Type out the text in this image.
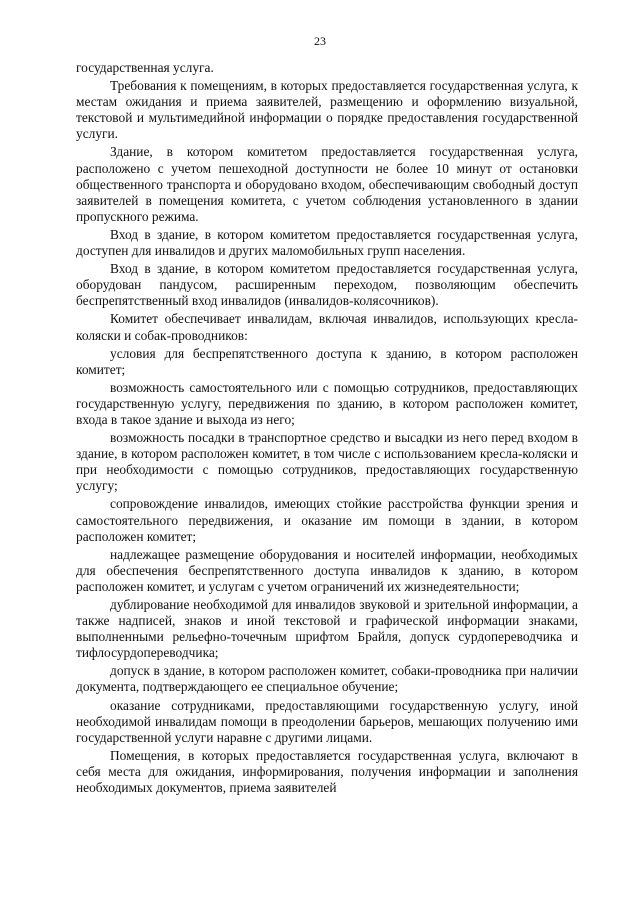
23

государственная услуга.

Требования к помещениям, в которых предоставляется государственная услуга, к местам ожидания и приема заявителей, размещению и оформлению визуальной, текстовой и мультимедийной информации о порядке предоставления государственной услуги.

Здание, в котором комитетом предоставляется государственная услуга, расположено с учетом пешеходной доступности не более 10 минут от остановки общественного транспорта и оборудовано входом, обеспечивающим свободный доступ заявителей в помещения комитета, с учетом соблюдения установленного в здании пропускного режима.

Вход в здание, в котором комитетом предоставляется государственная услуга, доступен для инвалидов и других маломобильных групп населения.

Вход в здание, в котором комитетом предоставляется государственная услуга, оборудован пандусом, расширенным переходом, позволяющим обеспечить беспрепятственный вход инвалидов (инвалидов-колясочников).

Комитет обеспечивает инвалидам, включая инвалидов, использующих кресла-коляски и собак-проводников:

условия для беспрепятственного доступа к зданию, в котором расположен комитет;

возможность самостоятельного или с помощью сотрудников, предоставляющих государственную услугу, передвижения по зданию, в котором расположен комитет, входа в такое здание и выхода из него;

возможность посадки в транспортное средство и высадки из него перед входом в здание, в котором расположен комитет, в том числе с использованием кресла-коляски и при необходимости с помощью сотрудников, предоставляющих государственную услугу;

сопровождение инвалидов, имеющих стойкие расстройства функции зрения и самостоятельного передвижения, и оказание им помощи в здании, в котором расположен комитет;

надлежащее размещение оборудования и носителей информации, необходимых для обеспечения беспрепятственного доступа инвалидов к зданию, в котором расположен комитет, и услугам с учетом ограничений их жизнедеятельности;

дублирование необходимой для инвалидов звуковой и зрительной информации, а также надписей, знаков и иной текстовой и графической информации знаками, выполненными рельефно-точечным шрифтом Брайля, допуск сурдопереводчика и тифлосурдопереводчика;

допуск в здание, в котором расположен комитет, собаки-проводника при наличии документа, подтверждающего ее специальное обучение;

оказание сотрудниками, предоставляющими государственную услугу, иной необходимой инвалидам помощи в преодолении барьеров, мешающих получению ими государственной услуги наравне с другими лицами.

Помещения, в которых предоставляется государственная услуга, включают в себя места для ожидания, информирования, получения информации и заполнения необходимых документов, приема заявителей
